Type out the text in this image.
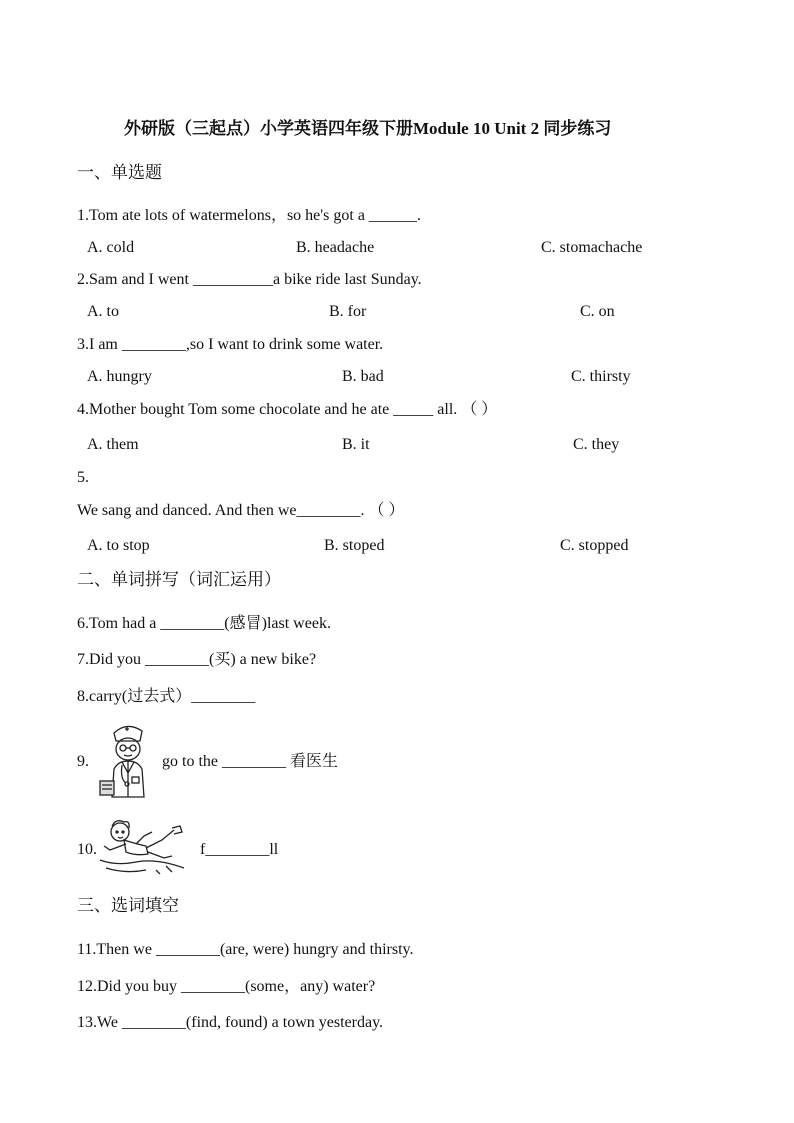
外研版（三起点）小学英语四年级下册Module 10 Unit 2 同步练习
一、单选题
1.Tom ate lots of watermelons，so he's got a ______.
A. cold	B. headache	C. stomachache
2.Sam and I went __________a bike ride last Sunday.
A. to	B. for	C. on
3.I am ________,so I want to drink some water.
A. hungry	B. bad	C. thirsty
4.Mother bought Tom some chocolate and he ate _____ all. （ ）
A. them	B. it	C. they
5.
We sang and danced. And then we________. （ ）
A. to stop	B. stoped	C. stopped
二、单词拼写（词汇运用）
6.Tom had a ________(感冒)last week.
7.Did you ________(买) a new bike?
8.carry(过去式）________
9.	go to the ________ 看医生
10.	f________ll
三、选词填空
11.Then we ________(are, were) hungry and thirsty.
12.Did you buy ________(some，any) water?
13.We ________(find, found) a town yesterday.
